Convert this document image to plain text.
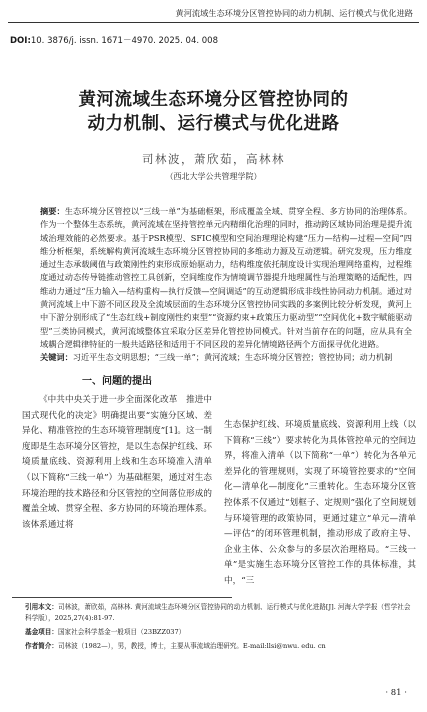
黄河流域生态环境分区管控协同的动力机制、运行模式与优化进路
DOI:10. 3876/j. issn. 1671－4970. 2025. 04. 008
黄河流域生态环境分区管控协同的
动力机制、运行模式与优化进路
司林波，萧欣茹，高林林
（西北大学公共管理学院）
摘要：生态环境分区管控以“三线一单”为基础框架，形成覆盖全域、贯穿全程、多方协同的治理体系。作为一个整体生态系统，黄河流域在坚持管控单元内精细化治理的同时，推动跨区域协同治理是提升流域治理效能的必然要求。基于PSR模型、SFIC模型和空间治理理论构建“压力—结构—过程—空间”四维分析框架，系统解构黄河流域生态环境分区管控协同的多维动力源及互动逻辑。研究发现，压力维度通过生态承载阈值与政策刚性约束形成原始驱动力，结构维度依托制度设计实现治理网络重构，过程维度通过动态传导链推动管控工具创新，空间维度作为情境调节器提升地理属性与治理策略的适配性，四维动力通过“压力输入—结构重构—执行反馈—空间调适”的互动逻辑形成非线性协同动力机制。通过对黄河流域上中下游不同区段及全流域层面的生态环境分区管控协同实践的多案例比较分析发现，黄河上中下游分别形成了“生态红线+制度刚性约束型”“资源约束+政策压力驱动型”“空间优化+数字赋能驱动型”三类协同模式，黄河流域整体宜采取分区差异化管控协同模式。针对当前存在的问题，应从具有全域耦合逻辑律特征的一般共适路径和适用于不同区段的差异化情境路径两个方面探寻优化进路。
关键词：习近平生态文明思想；“三线一单”；黄河流域；生态环境分区管控；管控协同；动力机制
一、问题的提出

《中共中央关于进一步全面深化改革　推进中国式现代化的决定》明确提出要“实施分区域、差异化、精准管控的生态环境管理制度”[1]。这一制度即是生态环境分区管控，是以生态保护红线、环境质量底线、资源利用上线和生态环境准入清单（以下简称“三线一单”）为基础框架，通过对生态环境治理的技术路径和分区管控的空间落位形成的覆盖全域、贯穿全程、多方协同的环境治理体系。该体系通过将

生态保护红线、环境质量底线、资源利用上线（以下简称“三线”）要求转化为具体管控单元的空间边界，将准入清单（以下简称“一单”）转化为各单元差异化的管理规则，实现了环境管控要求的“空间化—清单化—制度化”三重转化。生态环境分区管控体系不仅通过“划框子、定规则”强化了空间规划与环境管理的政策协同，更通过建立“单元—清单—评估”的闭环管理机制，推动形成了政府主导、企业主体、公众参与的多层次治理格局。“三线一单”是实施生态环境分区管控工作的具体标准，其中，“三

引用本文：司林波，萧欣茹，高林林. 黄河流域生态环境分区管控协同的动力机制、运行模式与优化进路[J]. 河海大学学报（哲学社会科学版），2025,27(4):81-97.
基金项目：国家社会科学基金一般项目（23BZZ037）
作者简介：司林波（1982—），男，教授，博士，主要从事流域治理研究。E-mail:llsi@nwu. edu. cn
· 81 ·
